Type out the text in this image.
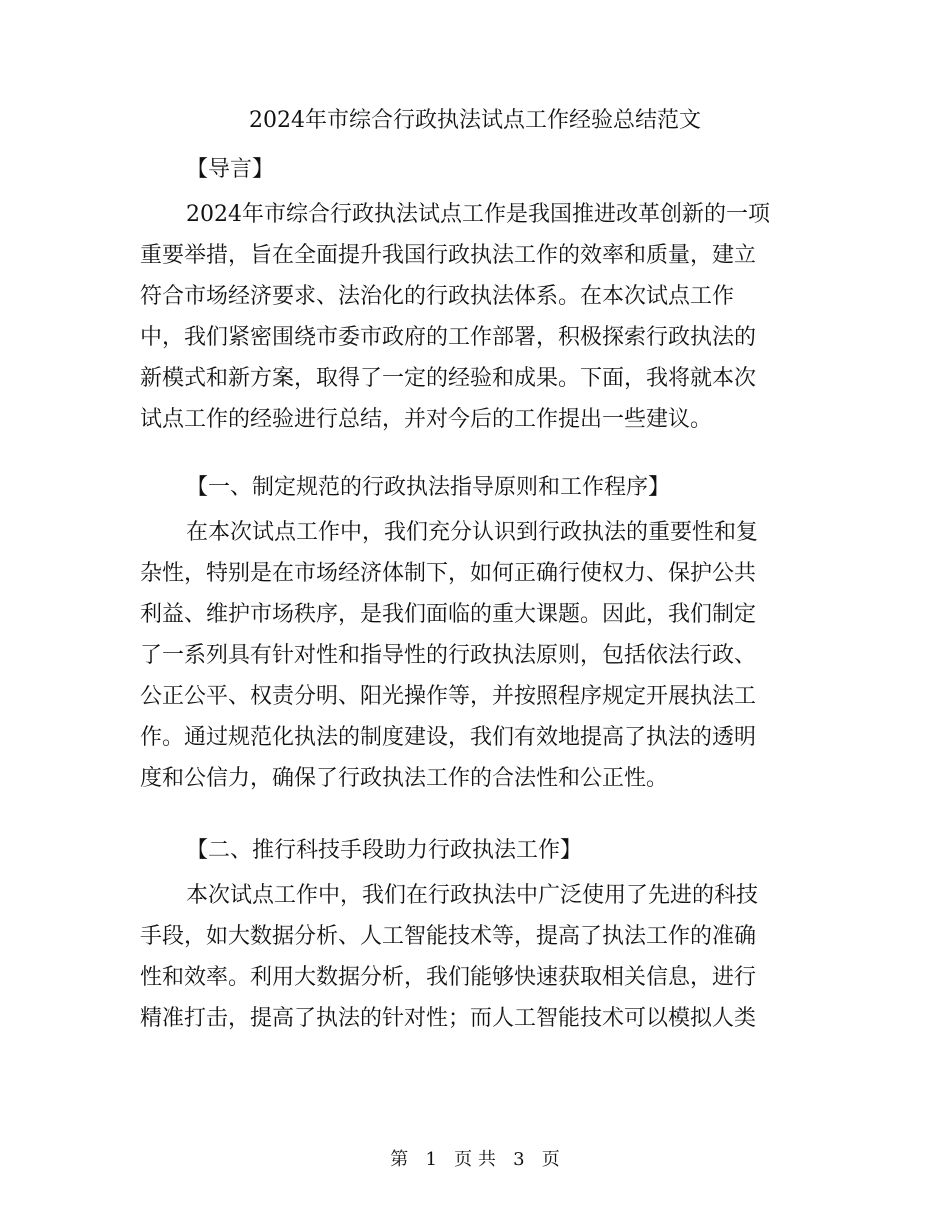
2024年市综合行政执法试点工作经验总结范文
【导言】
2024年市综合行政执法试点工作是我国推进改革创新的一项
重要举措，旨在全面提升我国行政执法工作的效率和质量，建立
符合市场经济要求、法治化的行政执法体系。在本次试点工作
中，我们紧密围绕市委市政府的工作部署，积极探索行政执法的
新模式和新方案，取得了一定的经验和成果。下面，我将就本次
试点工作的经验进行总结，并对今后的工作提出一些建议。
【一、制定规范的行政执法指导原则和工作程序】
在本次试点工作中，我们充分认识到行政执法的重要性和复
杂性，特别是在市场经济体制下，如何正确行使权力、保护公共
利益、维护市场秩序，是我们面临的重大课题。因此，我们制定
了一系列具有针对性和指导性的行政执法原则，包括依法行政、
公正公平、权责分明、阳光操作等，并按照程序规定开展执法工
作。通过规范化执法的制度建设，我们有效地提高了执法的透明
度和公信力，确保了行政执法工作的合法性和公正性。
【二、推行科技手段助力行政执法工作】
本次试点工作中，我们在行政执法中广泛使用了先进的科技
手段，如大数据分析、人工智能技术等，提高了执法工作的准确
性和效率。利用大数据分析，我们能够快速获取相关信息，进行
精准打击，提高了执法的针对性；而人工智能技术可以模拟人类
第 1 页 共 3 页
